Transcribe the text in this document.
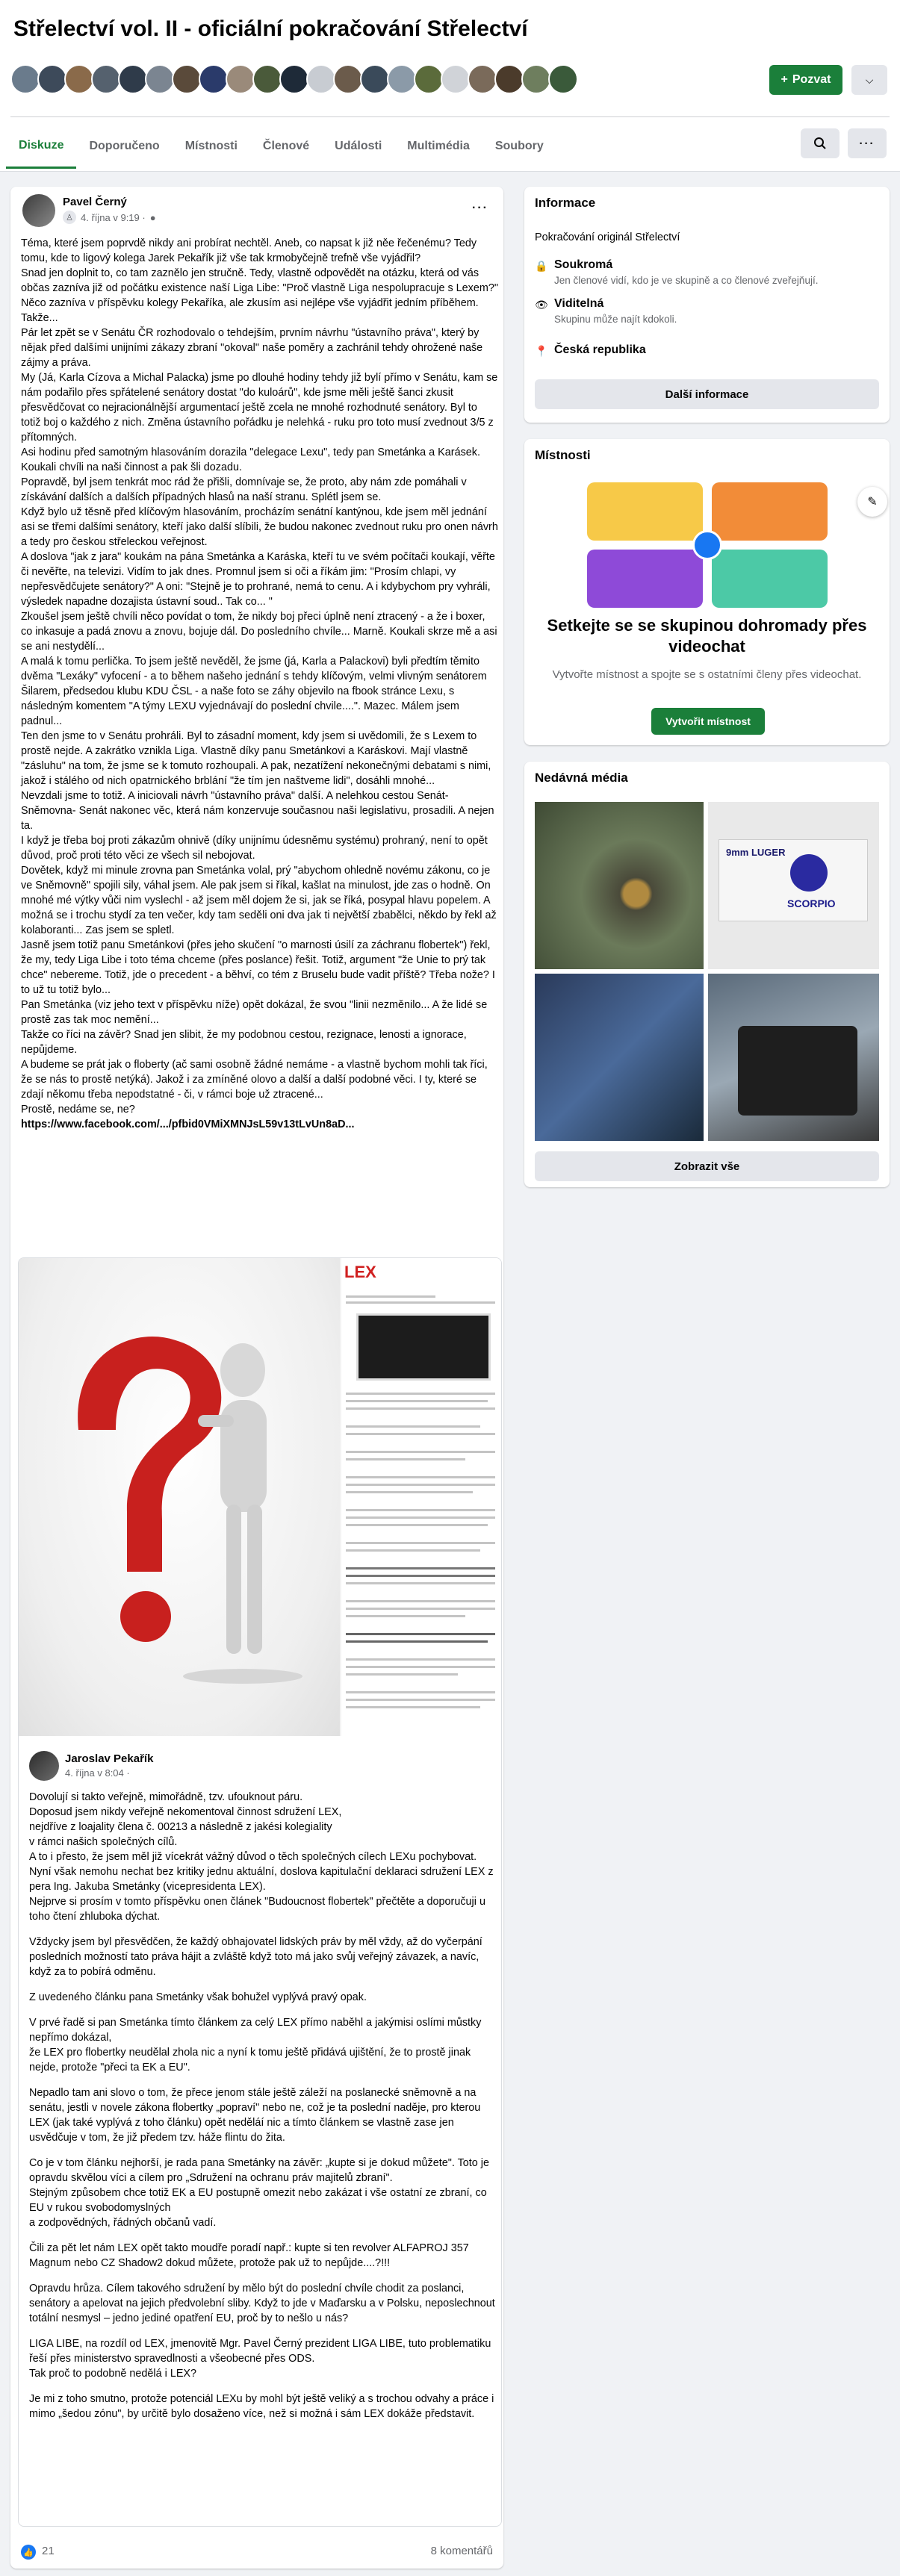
Střelectví vol. II - oficiální pokračování Střelectví
+ Pozvat	⌵
Diskuze	Doporučeno	Místnosti	Členové	Události	Multimédia	Soubory	···
Pavel Černý
♙ 4. října v 9:19 · ●
···

Téma, které jsem poprvdě nikdy ani probírat nechtěl. Aneb, co napsat k již něe řečenému? Tedy tomu, kde to ligový kolega Jarek Pekařík již vše tak krmobyčejně trefně vše vyjádřil?

Snad jen doplnit to, co tam zaznělo jen stručně. Tedy, vlastně odpovědět na otázku, která od vás občas zazníva již od počátku existence naší Liga Libe: "Proč vlastně Liga nespolupracuje s Lexem?"

Něco zazníva v příspěvku kolegy Pekaříka, ale zkusím asi nejlépe vše vyjádřit jedním příběhem. Takže...

Pár let zpět se v Senátu ČR rozhodovalo o tehdejším, prvním návrhu "ústavního práva", který by nějak před dalšími unijními zákazy zbraní "okoval" naše poměry a zachránil tehdy ohrožené naše zájmy a práva.

My (Já, Karla Cízova a Michal Palacka) jsme po dlouhé hodiny tehdy již bylí přímo v Senátu, kam se nám podařilo přes spřátelené senátory dostat "do kuloárů", kde jsme měli ještě šanci zkusit přesvědčovat co nejracionálnější argumentací ještě zcela ne mnohé rozhodnuté senátory. Byl to totiž boj o každého z nich. Změna ústavního pořádku je nelehká - ruku pro toto musí zvednout 3/5 z přítomných.

Asi hodinu před samotným hlasováním dorazila "delegace Lexu", tedy pan Smetánka a Karásek. Koukali chvíli na naši činnost a pak šli dozadu.

Popravdě, byl jsem tenkrát moc rád že přišli, domnívaje se, že proto, aby nám zde pomáhali v získávání dalších a dalších případných hlasů na naší stranu. Splétl jsem se.

Když bylo už těsně před klíčovým hlasováním, procházím senátní kantýnou, kde jsem měl jednání asi se třemi dalšími senátory, kteří jako další slíbili, že budou nakonec zvednout ruku pro onen návrh a tedy pro českou střeleckou veřejnost.

A doslova "jak z jara" koukám na pána Smetánka a Karáska, kteří tu ve svém počítači koukají, věřte či nevěřte, na televizi. Vidím to jak dnes. Promnul jsem si oči a říkám jim: "Prosím chlapi, vy nepřesvědčujete senátory?" A oni: "Stejně je to prohrané, nemá to cenu. A i kdybychom pry vyhráli, výsledek napadne dozajista ústavní soud.. Tak co... "

Zkoušel jsem ještě chvíli něco povídat o tom, že nikdy boj přeci úplně není ztracený - a že i boxer, co inkasuje a padá znovu a znovu, bojuje dál. Do posledního chvíle... Marně. Koukali skrze mě a asi se ani nestydělí...

A malá k tomu perlička. To jsem ještě nevěděl, že jsme (já, Karla a Palackovi) byli předtím těmito dvěma "Lexáky" vyfocení - a to během našeho jednání s tehdy klíčovým, velmi vlivným senátorem Šilarem, předsedou klubu KDU ČSL - a naše foto se záhy objevilo na fbook stránce Lexu, s následným komentem "A týmy LEXU vyjednávají do poslední chvile....". Mazec. Málem jsem padnul...

Ten den jsme to v Senátu prohráli. Byl to zásadní moment, kdy jsem si uvědomili, že s Lexem to prostě nejde. A zakrátko vznikla Liga. Vlastně díky panu Smetánkovi a Karáskovi. Mají vlastně "zásluhu" na tom, že jsme se k tomuto rozhoupali. A pak, nezatížení nekonečnými debatami s nimi, jakož i stálého od nich opatrnického brblání "že tím jen naštveme lidi", dosáhli mnohé...

Nevzdali jsme to totiž. A iniciovali návrh "ústavního práva" další. A nelehkou cestou Senát-Sněmovna- Senát nakonec věc, která nám konzervuje současnou naši legislativu, prosadili. A nejen ta.

I když je třeba boj proti zákazům ohnivě (díky unijnímu údesněmu systému) prohraný, není to opět důvod, proč proti této věci ze všech sil nebojovat.

Dovětek, když mi minule zrovna pan Smetánka volal, prý "abychom ohledně novému zákonu, co je ve Sněmovně" spojili sily, váhal jsem. Ale pak jsem si říkal, kašlat na minulost, jde zas o hodně. On mnohé mé výtky vůči nim vyslechl - až jsem měl dojem že si, jak se říká, posypal hlavu popelem. A možná se i trochu stydí za ten večer, kdy tam seděli oni dva jak ti největší zbabělci, někdo by řekl až kolaboranti... Zas jsem se spletl.

Jasně jsem totiž panu Smetánkovi (přes jeho skučení "o marnosti úsilí za záchranu flobertek") řekl, že my, tedy Liga Libe i toto téma chceme (přes poslance) řešit. Totiž, argument "že Unie to prý tak chce" nebereme. Totiž, jde o precedent - a běhví, co tém z Bruselu bude vadit příště? Třeba nože? I to už tu totiž bylo...

Pan Smetánka (viz jeho text v příspěvku níže) opět dokázal, že svou "linii nezměnilo... A že lidé se prostě zas tak moc nemění...

Takže co říci na závěr? Snad jen slibit, že my podobnou cestou, rezignace, lenosti a ignorace, nepůjdeme.

A budeme se prát jak o floberty (ač sami osobně žádné nemáme - a vlastně bychom mohli tak říci, že se nás to prostě netýká). Jakož i za zmíněné olovo a další a další podobné věci. I ty, které se zdají někomu třeba nepodstatné - či, v rámci boje už ztracené...

Prostě, nedáme se, ne?

https://www.facebook.com/.../pfbid0VMiXMNJsL59v13tLvUn8aD...
LEX
Jaroslav Pekařík
4. října v 8:04 ·

Dovolují si takto veřejně, mimořádně, tzv. ufouknout páru.
Doposud jsem nikdy veřejně nekomentoval činnost sdružení LEX,
nejdříve z loajality člena č. 00213 a následně z jakési kolegiality
v rámci našich společných cílů.
A to i přesto, že jsem měl již vícekrát vážný důvod o těch společných cílech LEXu pochybovat.
Nyní však nemohu nechat bez kritiky jednu aktuální, doslova kapitulační deklaraci sdružení LEX z pera Ing. Jakuba Smetánky (vicepresidenta LEX).
Nejprve si prosím v tomto příspěvku onen článek "Budoucnost flobertek" přečtěte a doporučuji u toho čtení zhluboka dýchat.

Vždycky jsem byl přesvědčen, že každý obhajovatel lidských práv by měl vždy, až do vyčerpání posledních možností tato práva hájit a zvláště když toto má jako svůj veřejný závazek, a navíc,
když za to pobírá odměnu.

Z uvedeného článku pana Smetánky však bohužel vyplývá pravý opak.

V prvé řadě si pan Smetánka tímto článkem za celý LEX přímo naběhl a jakýmisi oslími můstky nepřímo dokázal,
že LEX pro flobertky neudělal zhola nic a nyní k tomu ještě přidává ujištění, že to prostě jinak nejde, protože "přeci ta EK a EU".

Nepadlo tam ani slovo o tom, že přece jenom stále ještě záleží na poslanecké sněmovně a na senátu, jestli v novele zákona flobertky „popraví" nebo ne, což je ta poslední naděje, pro kterou LEX (jak také vyplývá z toho článku) opět neděláí nic a tímto článkem se vlastně zase jen usvědčuje v tom, že již předem tzv. háže flintu do žita.

Co je v tom článku nejhorší, je rada pana Smetánky na závěr: „kupte si je dokud můžete". Toto je opravdu skvělou víci a cílem pro „Sdružení na ochranu práv majitelů zbraní".
Stejným způsobem chce totiž EK a EU postupně omezit nebo zakázat i vše ostatní ze zbraní, co EU v rukou svobodomyslných
a zodpovědných, řádných občanů vadí.

Čili za pět let nám LEX opět takto moudře poradí např.: kupte si ten revolver ALFAPROJ 357 Magnum nebo CZ Shadow2 dokud můžete, protože pak už to nepůjde....?!!!

Opravdu hrůza. Cílem takového sdružení by mělo být do poslední chvíle chodit za poslanci, senátory a apelovat na jejich předvolební sliby. Když to jde v Maďarsku a v Polsku, neposlechnout totální nesmysl – jedno jediné opatření EU, proč by to nešlo u nás?

LIGA LIBE, na rozdíl od LEX, jmenovitě Mgr. Pavel Černý prezident LIGA LIBE, tuto problematiku řeší přes ministerstvo spravedlnosti a všeobecné přes ODS.
Tak proč to podobně nedělá i LEX?

Je mi z toho smutno, protože potenciál LEXu by mohl být ještě veliký a s trochou odvahy a práce i mimo „šedou zónu", by určitě bylo dosaženo více, než si možná i sám LEX dokáže představit.

👍 21	8 komentářů
Informace
Pokračování originál Střelectví
🔒 Soukromá
Jen členové vidí, kdo je ve skupině a co členové zveřejňují.
👁 Viditelná
Skupinu může najít kdokoli.
📍 Česká republika
Další informace
Místnosti
✎
Setkejte se se skupinou dohromady přes videochat
Vytvořte místnost a spojte se s ostatními členy přes videochat.
Vytvořit místnost
Nedávná média
9mm LUGER
SCORPIO
Zobrazit vše
